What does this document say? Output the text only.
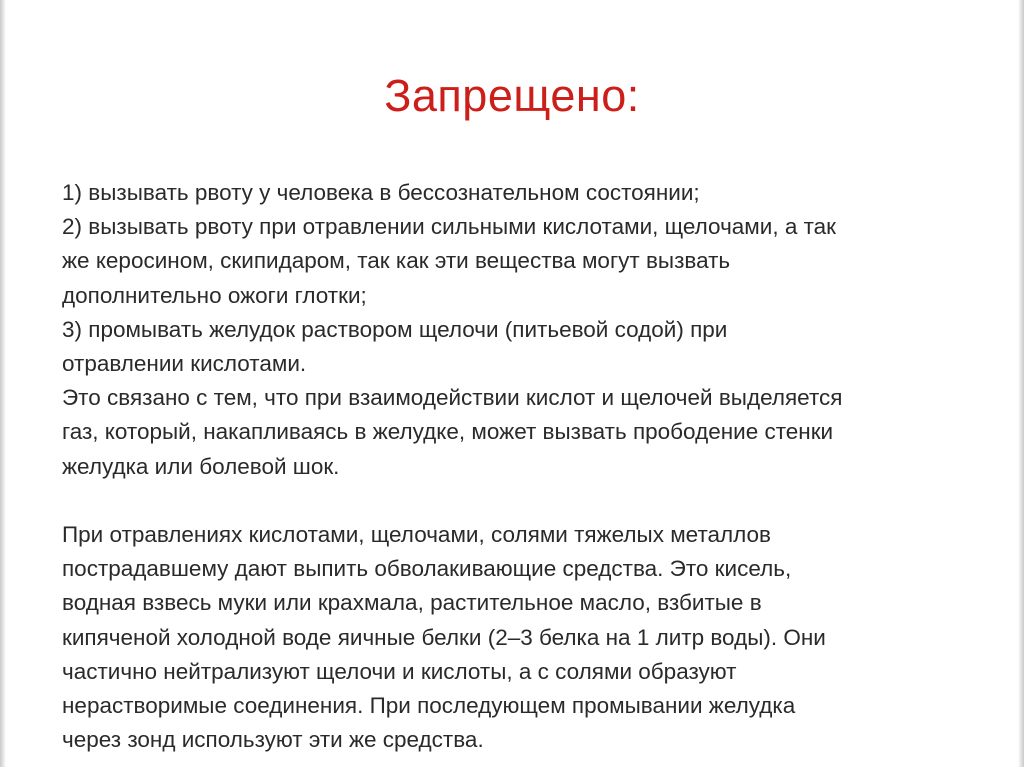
Запрещено:
1) вызывать рвоту у человека в бессознательном состоянии;
2) вызывать рвоту при отравлении сильными кислотами, щелочами, а так
же керосином, скипидаром, так как эти вещества могут вызвать
дополнительно ожоги глотки;
3) промывать желудок раствором щелочи (питьевой содой) при
отравлении кислотами.
Это связано с тем, что при взаимодействии кислот и щелочей выделяется
газ, который, накапливаясь в желудке, может вызвать прободение стенки
желудка или болевой шок.
При отравлениях кислотами, щелочами, солями тяжелых металлов
пострадавшему дают выпить обволакивающие средства. Это кисель,
водная взвесь муки или крахмала, растительное масло, взбитые в
кипяченой холодной воде яичные белки (2–3 белка на 1 литр воды). Они
частично нейтрализуют щелочи и кислоты, а с солями образуют
нерастворимые соединения. При последующем промывании желудка
через зонд используют эти же средства.
